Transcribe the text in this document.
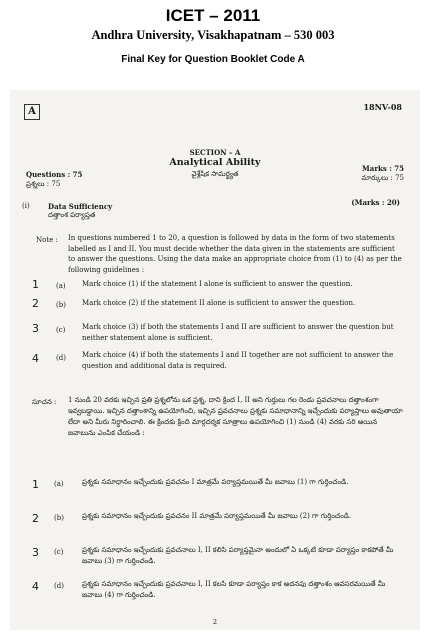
ICET – 2011
Andhra University, Visakhapatnam – 530 003
Final Key for Question Booklet Code A
A	18NV-08
SECTION – A
Analytical Ability
వైశ్లేషిక సామర్థ్యత
Questions : 75
ప్రశ్నలు : 75
Marks : 75
మార్కులు : 75
(i)	Data Sufficiency
దత్తాంశ పర్యాప్తత
(Marks : 20)
Note : In questions numbered 1 to 20, a question is followed by data in the form of two statements labelled as I and II. You must decide whether the data given in the statements are sufficient to answer the questions. Using the data make an appropriate choice from (1) to (4) as per the following guidelines :
1 (a) Mark choice (1) if the statement I alone is sufficient to answer the question.
2 (b) Mark choice (2) if the statement II alone is sufficient to answer the question.
3 (c) Mark choice (3) if both the statements I and II are sufficient to answer the question but neither statement alone is sufficient.
4 (d) Mark choice (4) if both the statements I and II together are not sufficient to answer the question and additional data is required.
సూచన : 1 నుండి 20 వరకు ఇచ్చిన ప్రతి ప్రశ్నలోను ఒక ప్రశ్న, దాని క్రింద I, II అని గుర్తులు గల రెండు ప్రవచనాలు దత్తాంశంగా ఇవ్వబడ్డాయి. ఇచ్చిన దత్తాంశాన్ని ఉపయోగించి, ఇచ్చిన ప్రవచనాలు ప్రశ్నకు సమాధానాన్ని ఇచ్చేందుకు పర్యాప్తాలు అవుతాయా లేదా అని మీరు నిర్ధారించాలి. ఈ క్రిందకు క్రింది మార్గదర్శక సూత్రాలు ఉపయోగించి (1) నుండి (4) వరకు సరి అయిన జవాబును ఎంపిక చేయండి :
1 (a)	ప్రశ్నకు సమాధానం ఇచ్చేందుకు ప్రవచనం I మాత్రమే పర్యాప్తమయితే మీ జవాబు (1) గా గుర్తించండి.
2 (b)	ప్రశ్నకు సమాధానం ఇచ్చేందుకు ప్రవచనం II మాత్రమే పర్యాప్తమయితే మీ జవాబు (2) గా గుర్తించండి.
3 (c)	ప్రశ్నకు సమాధానం ఇచ్చేందుకు ప్రవచనాలు I, II కలిసి పర్యాప్తమైనా అందులో ఏ ఒక్కటి కూడా పర్యాప్తం కాకపోతే మీ జవాబు (3) గా గుర్తించండి.
4 (d)	ప్రశ్నకు సమాధానం ఇచ్చేందుకు ప్రవచనాలు I, II కలసి కూడా పర్యాప్తం కాక అదనపు దత్తాంశం ఆవసరమయితే మీ జవాబు (4) గా గుర్తించండి.
2
